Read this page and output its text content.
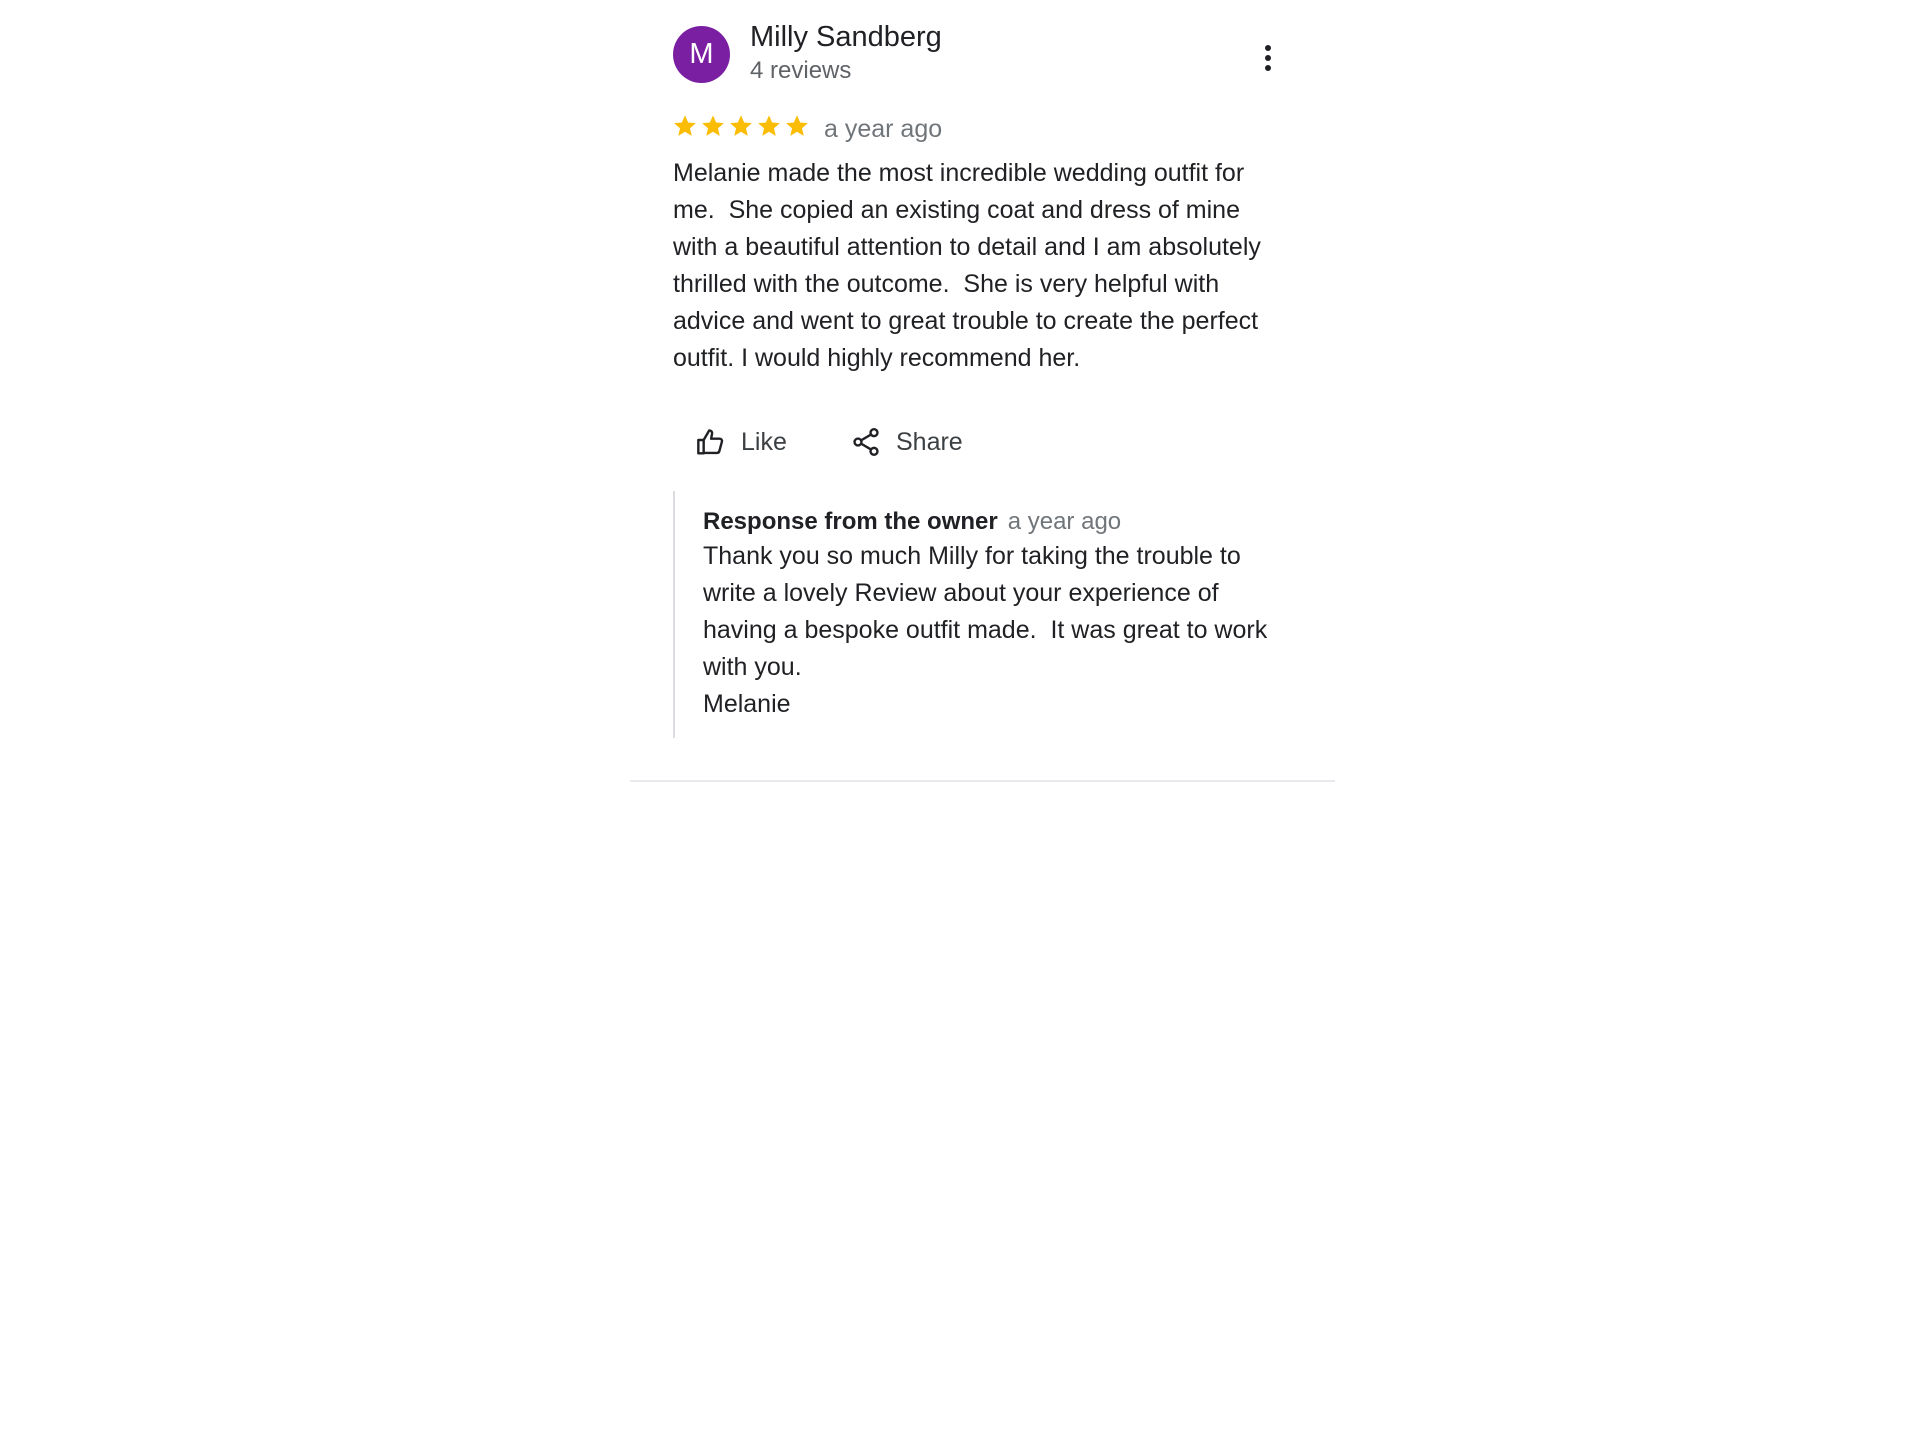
M
Milly Sandberg
4 reviews
a year ago

Melanie made the most incredible wedding outfit for
me.  She copied an existing coat and dress of mine
with a beautiful attention to detail and I am absolutely
thrilled with the outcome.  She is very helpful with
advice and went to great trouble to create the perfect
outfit. I would highly recommend her.

Like	Share
Response from the owner a year ago

Thank you so much Milly for taking the trouble to
write a lovely Review about your experience of
having a bespoke outfit made.  It was great to work
with you.
Melanie
